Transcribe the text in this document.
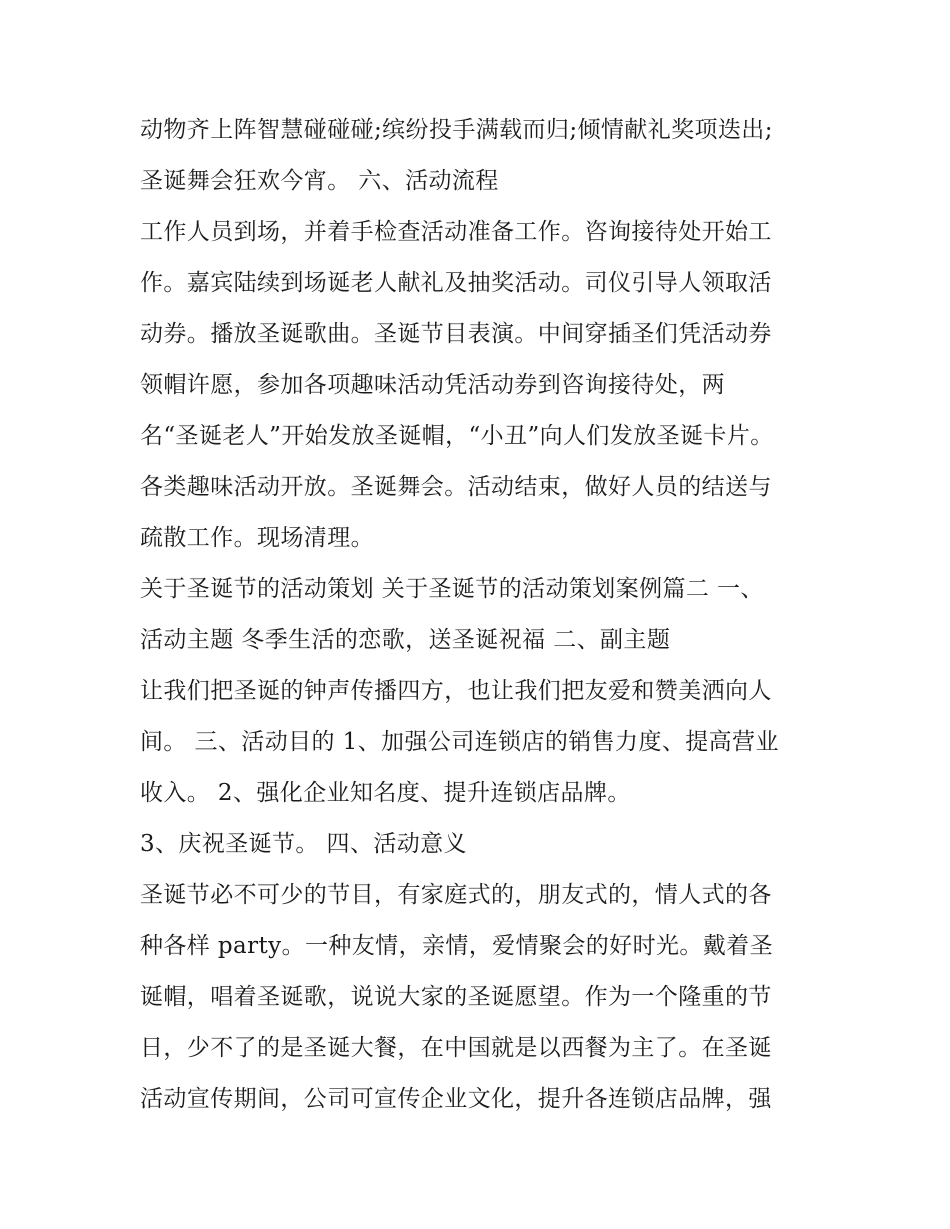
动物齐上阵智慧碰碰碰;缤纷投手满载而归;倾情献礼奖项迭出;
圣诞舞会狂欢今宵。 六、活动流程
工作人员到场，并着手检查活动准备工作。咨询接待处开始工
作。嘉宾陆续到场诞老人献礼及抽奖活动。司仪引导人领取活
动券。播放圣诞歌曲。圣诞节目表演。中间穿插圣们凭活动券
领帽许愿，参加各项趣味活动凭活动券到咨询接待处，两
名“圣诞老人”开始发放圣诞帽，“小丑”向人们发放圣诞卡片。
各类趣味活动开放。圣诞舞会。活动结束，做好人员的结送与
疏散工作。现场清理。
关于圣诞节的活动策划 关于圣诞节的活动策划案例篇二 一、
活动主题 冬季生活的恋歌，送圣诞祝福 二、副主题
让我们把圣诞的钟声传播四方，也让我们把友爱和赞美洒向人
间。 三、活动目的 1、加强公司连锁店的销售力度、提高营业
收入。 2、强化企业知名度、提升连锁店品牌。
3、庆祝圣诞节。 四、活动意义
圣诞节必不可少的节目，有家庭式的，朋友式的，情人式的各
种各样 party。一种友情，亲情，爱情聚会的好时光。戴着圣
诞帽，唱着圣诞歌，说说大家的圣诞愿望。作为一个隆重的节
日，少不了的是圣诞大餐，在中国就是以西餐为主了。在圣诞
活动宣传期间，公司可宣传企业文化，提升各连锁店品牌，强
